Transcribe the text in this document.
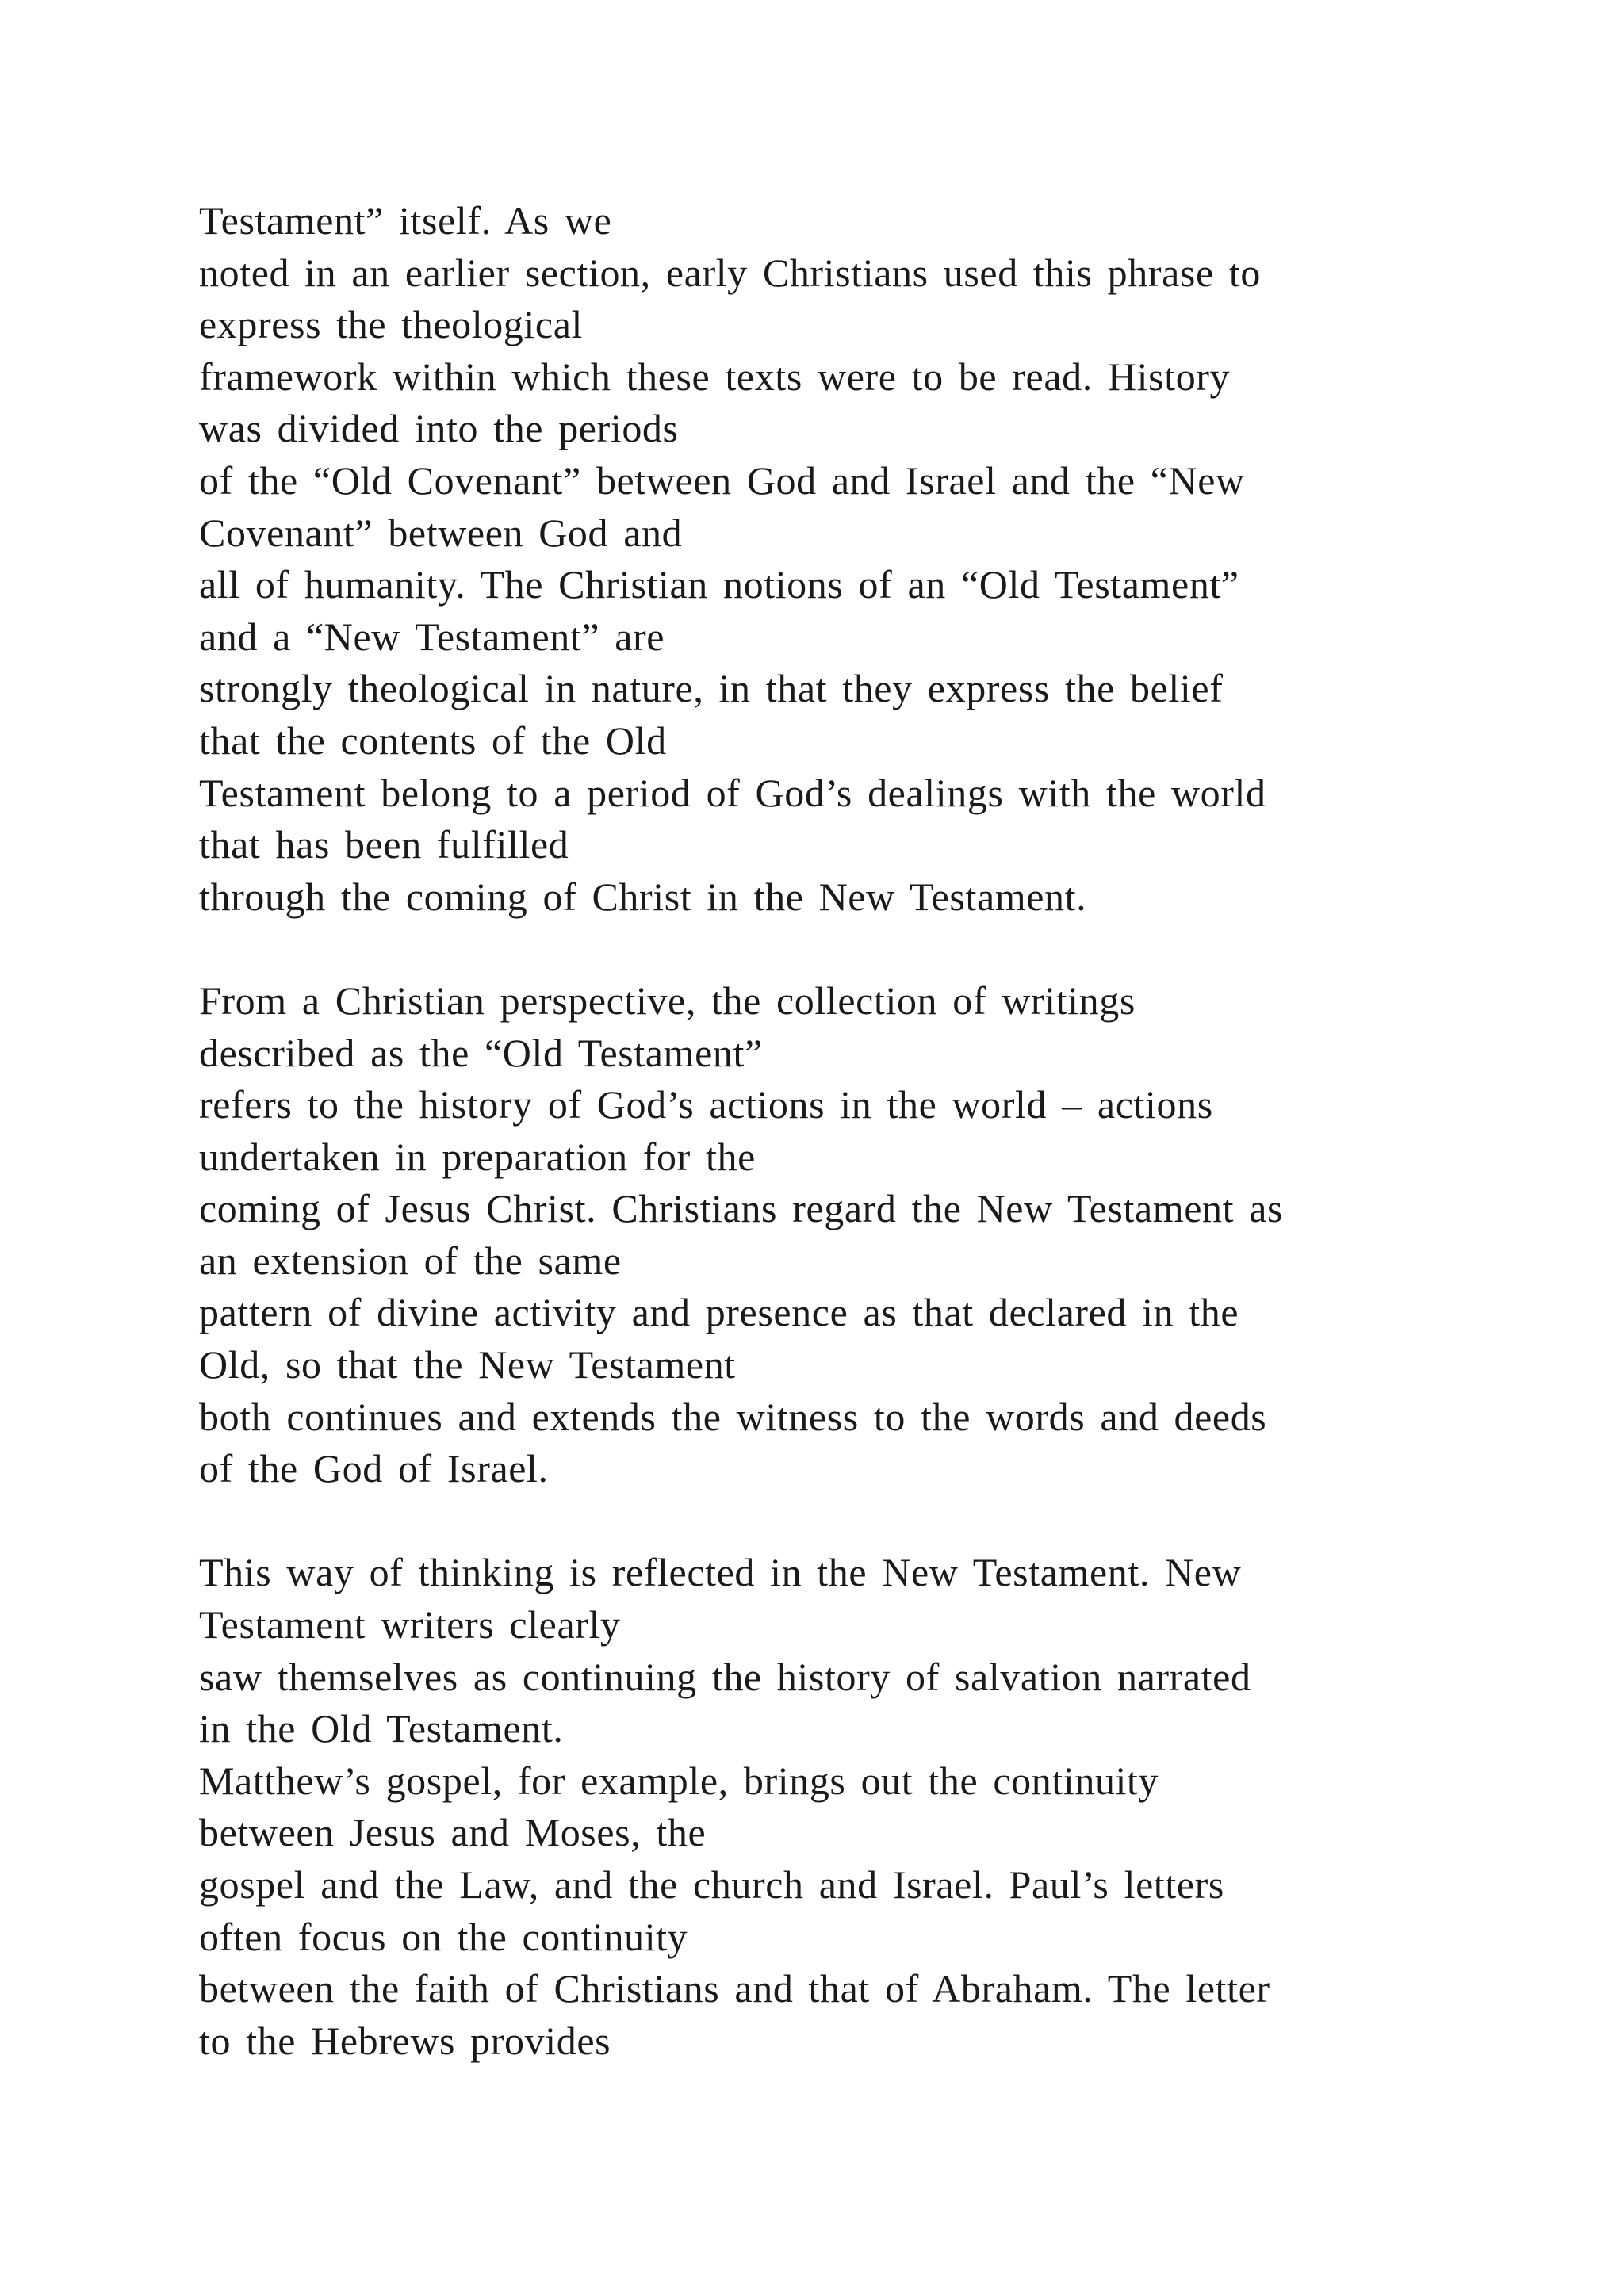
Testament” itself. As we
noted in an earlier section, early Christians used this phrase to
express the theological
framework within which these texts were to be read. History
was divided into the periods
of the “Old Covenant” between God and Israel and the “New
Covenant” between God and
all of humanity. The Christian notions of an “Old Testament”
and a “New Testament” are
strongly theological in nature, in that they express the belief
that the contents of the Old
Testament belong to a period of God’s dealings with the world
that has been fulfilled
through the coming of Christ in the New Testament.

From a Christian perspective, the collection of writings
described as the “Old Testament”
refers to the history of God’s actions in the world – actions
undertaken in preparation for the
coming of Jesus Christ. Christians regard the New Testament as
an extension of the same
pattern of divine activity and presence as that declared in the
Old, so that the New Testament
both continues and extends the witness to the words and deeds
of the God of Israel.

This way of thinking is reflected in the New Testament. New
Testament writers clearly
saw themselves as continuing the history of salvation narrated
in the Old Testament.
Matthew’s gospel, for example, brings out the continuity
between Jesus and Moses, the
gospel and the Law, and the church and Israel. Paul’s letters
often focus on the continuity
between the faith of Christians and that of Abraham. The letter
to the Hebrews provides
